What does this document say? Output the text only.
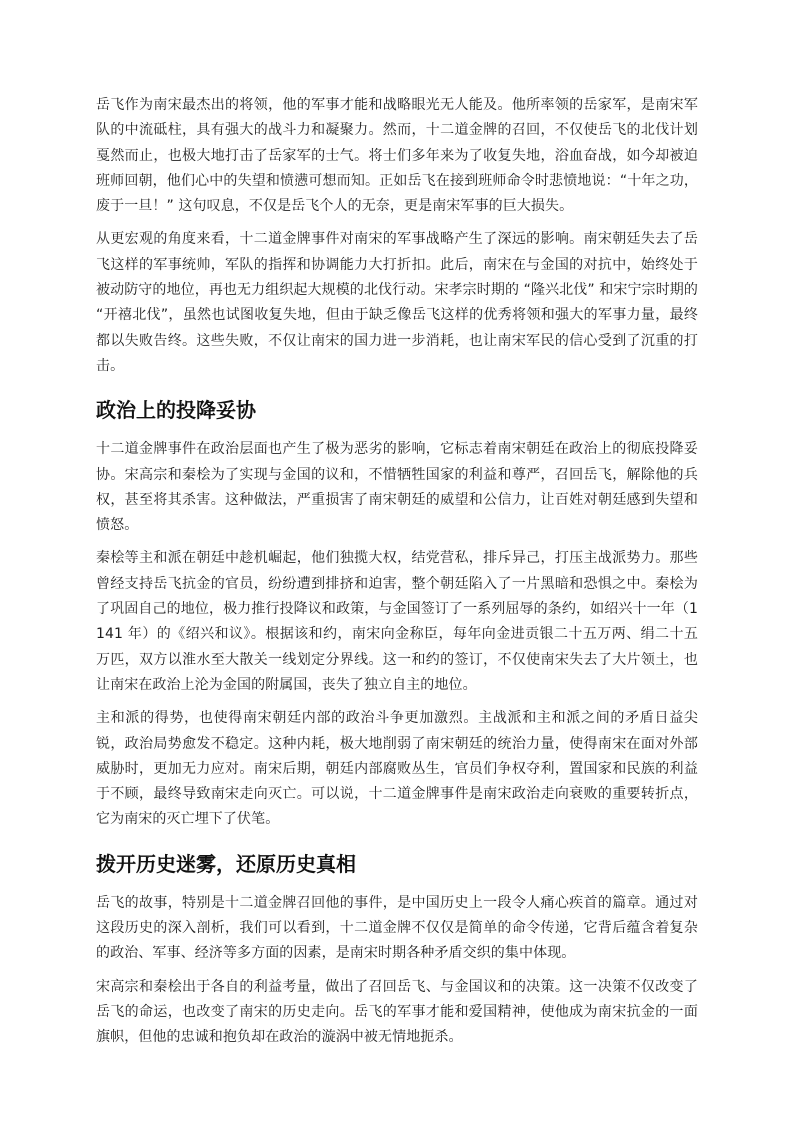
岳飞作为南宋最杰出的将领，他的军事才能和战略眼光无人能及。他所率领的岳家军，是南宋军队的中流砥柱，具有强大的战斗力和凝聚力。然而，十二道金牌的召回，不仅使岳飞的北伐计划戛然而止，也极大地打击了岳家军的士气。将士们多年来为了收复失地，浴血奋战，如今却被迫班师回朝，他们心中的失望和愤懑可想而知。正如岳飞在接到班师命令时悲愤地说：“十年之功，废于一旦！” 这句叹息，不仅是岳飞个人的无奈，更是南宋军事的巨大损失。

从更宏观的角度来看，十二道金牌事件对南宋的军事战略产生了深远的影响。南宋朝廷失去了岳飞这样的军事统帅，军队的指挥和协调能力大打折扣。此后，南宋在与金国的对抗中，始终处于被动防守的地位，再也无力组织起大规模的北伐行动。宋孝宗时期的 “隆兴北伐” 和宋宁宗时期的 “开禧北伐”，虽然也试图收复失地，但由于缺乏像岳飞这样的优秀将领和强大的军事力量，最终都以失败告终。这些失败，不仅让南宋的国力进一步消耗，也让南宋军民的信心受到了沉重的打击。

政治上的投降妥协

十二道金牌事件在政治层面也产生了极为恶劣的影响，它标志着南宋朝廷在政治上的彻底投降妥协。宋高宗和秦桧为了实现与金国的议和，不惜牺牲国家的利益和尊严，召回岳飞，解除他的兵权，甚至将其杀害。这种做法，严重损害了南宋朝廷的威望和公信力，让百姓对朝廷感到失望和愤怒。

秦桧等主和派在朝廷中趁机崛起，他们独揽大权，结党营私，排斥异己，打压主战派势力。那些曾经支持岳飞抗金的官员，纷纷遭到排挤和迫害，整个朝廷陷入了一片黑暗和恐惧之中。秦桧为了巩固自己的地位，极力推行投降议和政策，与金国签订了一系列屈辱的条约，如绍兴十一年（1141 年）的《绍兴和议》。根据该和约，南宋向金称臣，每年向金进贡银二十五万两、绢二十五万匹，双方以淮水至大散关一线划定分界线。这一和约的签订，不仅使南宋失去了大片领土，也让南宋在政治上沦为金国的附属国，丧失了独立自主的地位。

主和派的得势，也使得南宋朝廷内部的政治斗争更加激烈。主战派和主和派之间的矛盾日益尖锐，政治局势愈发不稳定。这种内耗，极大地削弱了南宋朝廷的统治力量，使得南宋在面对外部威胁时，更加无力应对。南宋后期，朝廷内部腐败丛生，官员们争权夺利，置国家和民族的利益于不顾，最终导致南宋走向灭亡。可以说，十二道金牌事件是南宋政治走向衰败的重要转折点，它为南宋的灭亡埋下了伏笔。

拨开历史迷雾，还原历史真相

岳飞的故事，特别是十二道金牌召回他的事件，是中国历史上一段令人痛心疾首的篇章。通过对这段历史的深入剖析，我们可以看到，十二道金牌不仅仅是简单的命令传递，它背后蕴含着复杂的政治、军事、经济等多方面的因素，是南宋时期各种矛盾交织的集中体现。

宋高宗和秦桧出于各自的利益考量，做出了召回岳飞、与金国议和的决策。这一决策不仅改变了岳飞的命运，也改变了南宋的历史走向。岳飞的军事才能和爱国精神，使他成为南宋抗金的一面旗帜，但他的忠诚和抱负却在政治的漩涡中被无情地扼杀。
